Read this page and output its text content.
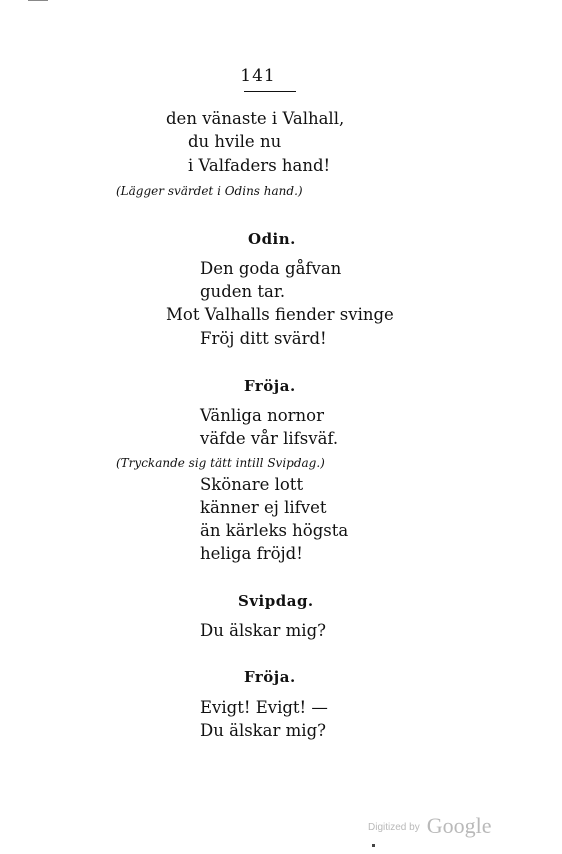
141
den vänaste i Valhall,
du hvile nu
i Valfaders hand!
(Lägger svärdet i Odins hand.)
Odin.
Den goda gåfvan
guden tar.
Mot Valhalls fiender svinge
Fröj ditt svärd!
Fröja.
Vänliga nornor
väfde vår lifsväf.
(Tryckande sig tätt intill Svipdag.)
Skönare lott
känner ej lifvet
än kärleks högsta
heliga fröjd!
Svipdag.
Du älskar mig?
Fröja.
Evigt! Evigt! —
Du älskar mig?
Digitized by Google
